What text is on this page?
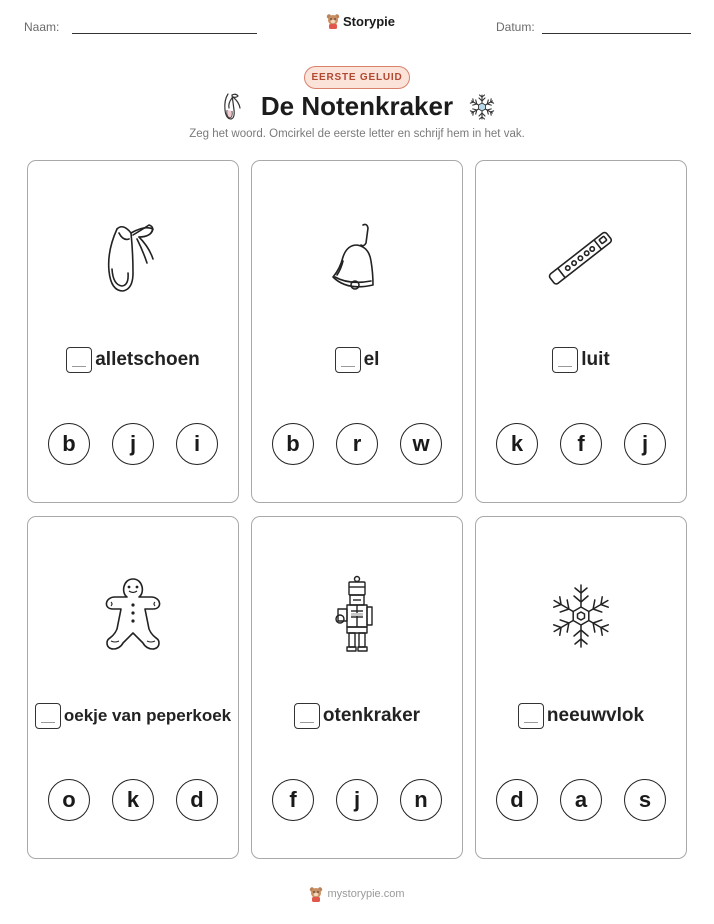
Naam:	Storypie	Datum:
EERSTE GELUID
De Notenkraker
Zeg het woord. Omcirkel de eerste letter en schrijf hem in het vak.
alletschoen
b	j	i
el
b	r	w
luit
k	f	j
oekje van peperkoek
o	k	d
otenkraker
f	j	n
neeuwvlok
d	a	s
mystorypie.com
